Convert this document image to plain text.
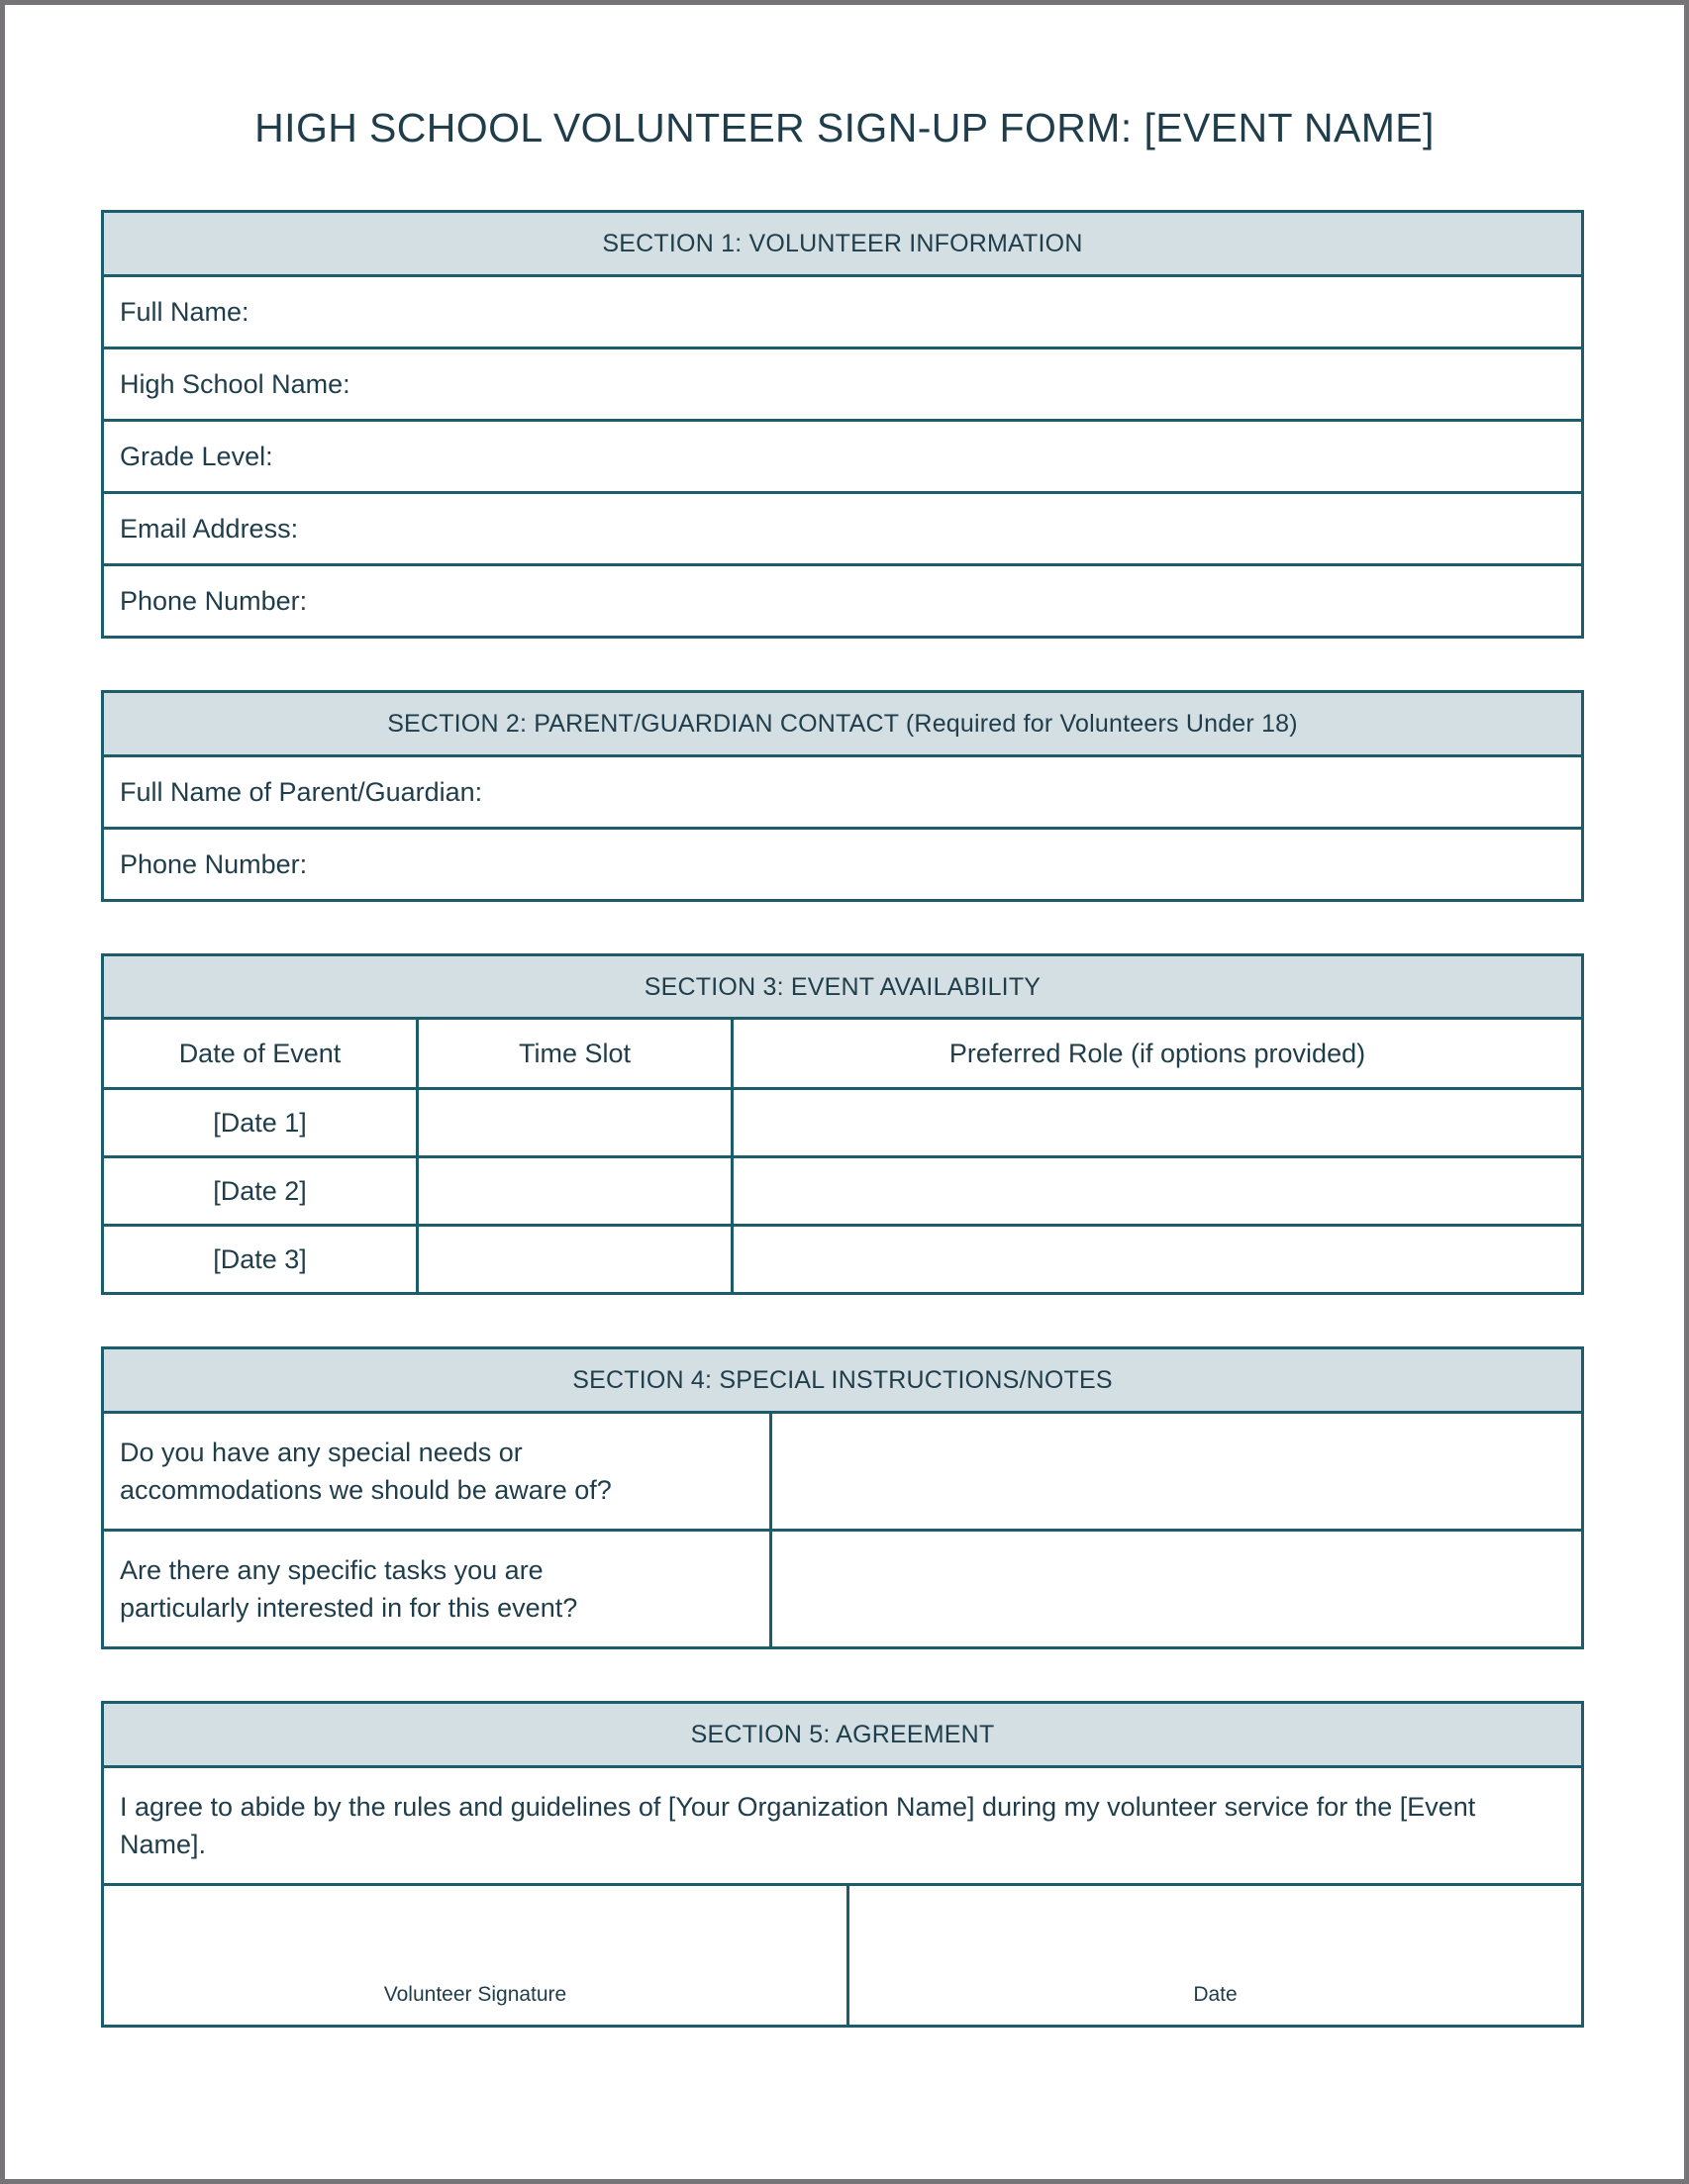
HIGH SCHOOL VOLUNTEER SIGN-UP FORM: [EVENT NAME]
SECTION 1: VOLUNTEER INFORMATION
Full Name:
High School Name:
Grade Level:
Email Address:
Phone Number:
SECTION 2: PARENT/GUARDIAN CONTACT (Required for Volunteers Under 18)
Full Name of Parent/Guardian:
Phone Number:
SECTION 3: EVENT AVAILABILITY
Date of Event	Time Slot	Preferred Role (if options provided)
[Date 1]
[Date 2]
[Date 3]
SECTION 4: SPECIAL INSTRUCTIONS/NOTES
Do you have any special needs or
accommodations we should be aware of?
Are there any specific tasks you are
particularly interested in for this event?
SECTION 5: AGREEMENT
I agree to abide by the rules and guidelines of [Your Organization Name] during my volunteer service for the [Event Name].
Volunteer Signature	Date
